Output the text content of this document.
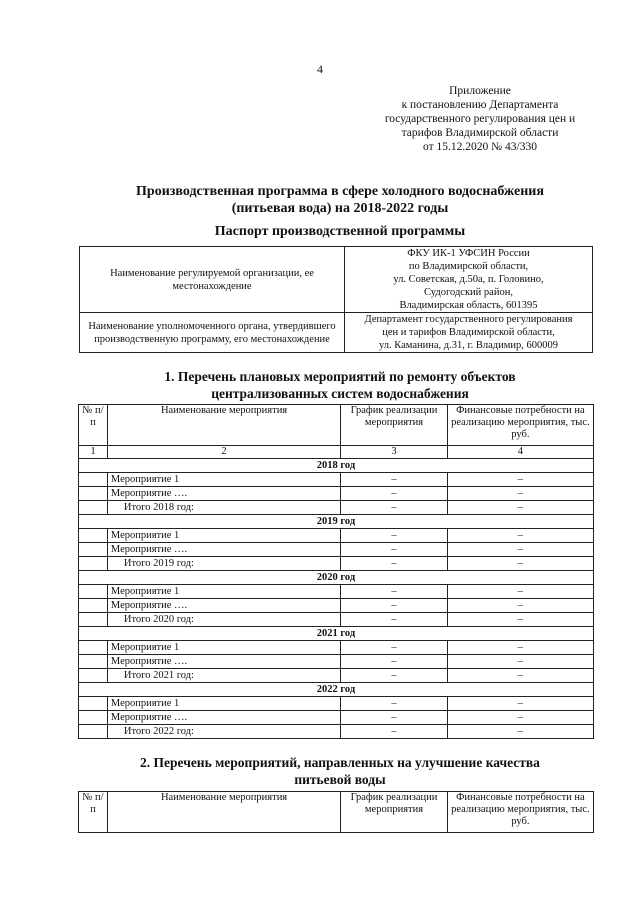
4
Приложение
к постановлению Департамента
государственного регулирования цен и
тарифов Владимирской области
от 15.12.2020 № 43/330
Производственная программа в сфере холодного водоснабжения
(питьевая вода) на 2018-2022 годы
Паспорт производственной программы
Наименование регулируемой организации, ее местонахождение	ФКУ ИК-1 УФСИН России
по Владимирской области,
ул. Советская, д.50а, п. Головино,
Судогодский район,
Владимирская область, 601395

Наименование уполномоченного органа, утвердившего производственную программу, его местонахождение	Департамент государственного регулирования
цен и тарифов Владимирской области,
ул. Каманина, д.31, г. Владимир, 600009
1. Перечень плановых мероприятий по ремонту объектов
централизованных систем водоснабжения
№ п/п	Наименование мероприятия	График реализации мероприятия	Финансовые потребности на реализацию мероприятия, тыс. руб.
1	2	3	4
2018 год			
	Мероприятие 1	–	–
	Мероприятие ….	–	–
	Итого 2018 год:	–	–
2019 год			
	Мероприятие 1	–	–
	Мероприятие ….	–	–
	Итого 2019 год:	–	–
2020 год			
	Мероприятие 1	–	–
	Мероприятие ….	–	–
	Итого 2020 год:	–	–
2021 год			
	Мероприятие 1	–	–
	Мероприятие ….	–	–
	Итого 2021 год:	–	–
2022 год			
	Мероприятие 1	–	–
	Мероприятие ….	–	–
	Итого 2022 год:	–	–
2. Перечень мероприятий, направленных на улучшение качества
питьевой воды
№ п/п	Наименование мероприятия	График реализации мероприятия	Финансовые потребности на реализацию мероприятия, тыс. руб.
